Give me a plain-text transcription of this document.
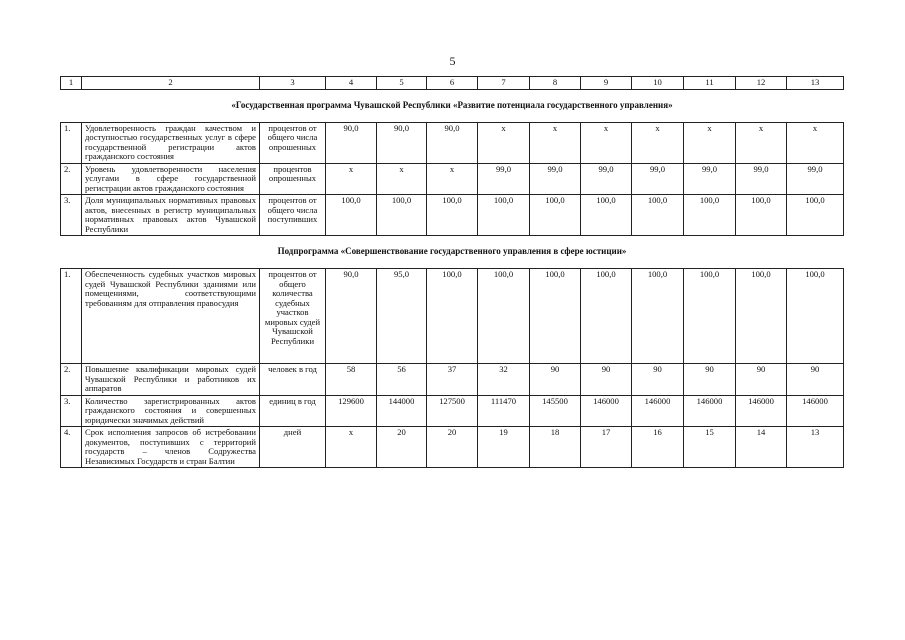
5
1	2	3	4	5	6	7	8	9	10	11	12	13
«Государственная программа Чувашской Республики «Развитие потенциала государственного управления»												
1.	Удовлетворенность граждан качеством и доступностью государственных услуг в сфере государственной регистрации актов гражданского состояния	процентов от общего числа опрошенных	90,0	90,0	90,0	x	x	x	x	x	x	x
2.	Уровень удовлетворенности населения услугами в сфере государственной регистрации актов гражданского состояния	процентов опрошенных	x	x	x	99,0	99,0	99,0	99,0	99,0	99,0	99,0
3.	Доля муниципальных нормативных правовых актов, внесенных в регистр муниципальных нормативных правовых актов Чувашской Республики	процентов от общего числа поступивших	100,0	100,0	100,0	100,0	100,0	100,0	100,0	100,0	100,0	100,0
Подпрограмма «Совершенствование государственного управления в сфере юстиции»												
1.	Обеспеченность судебных участков мировых судей Чувашской Республики зданиями или помещениями, соответствующими требованиям для отправления правосудия	процентов от общего количества судебных участков мировых судей Чувашской Республики	90,0	95,0	100,0	100,0	100,0	100,0	100,0	100,0	100,0	100,0
2.	Повышение квалификации мировых судей Чувашской Республики и работников их аппаратов	человек в год	58	56	37	32	90	90	90	90	90	90
3.	Количество зарегистрированных актов гражданского состояния и совершенных юридически значимых действий	единиц в год	129600	144000	127500	111470	145500	146000	146000	146000	146000	146000
4.	Срок исполнения запросов об истребовании документов, поступивших с территорий государств – членов Содружества Независимых Государств и стран Балтии	дней	x	20	20	19	18	17	16	15	14	13
